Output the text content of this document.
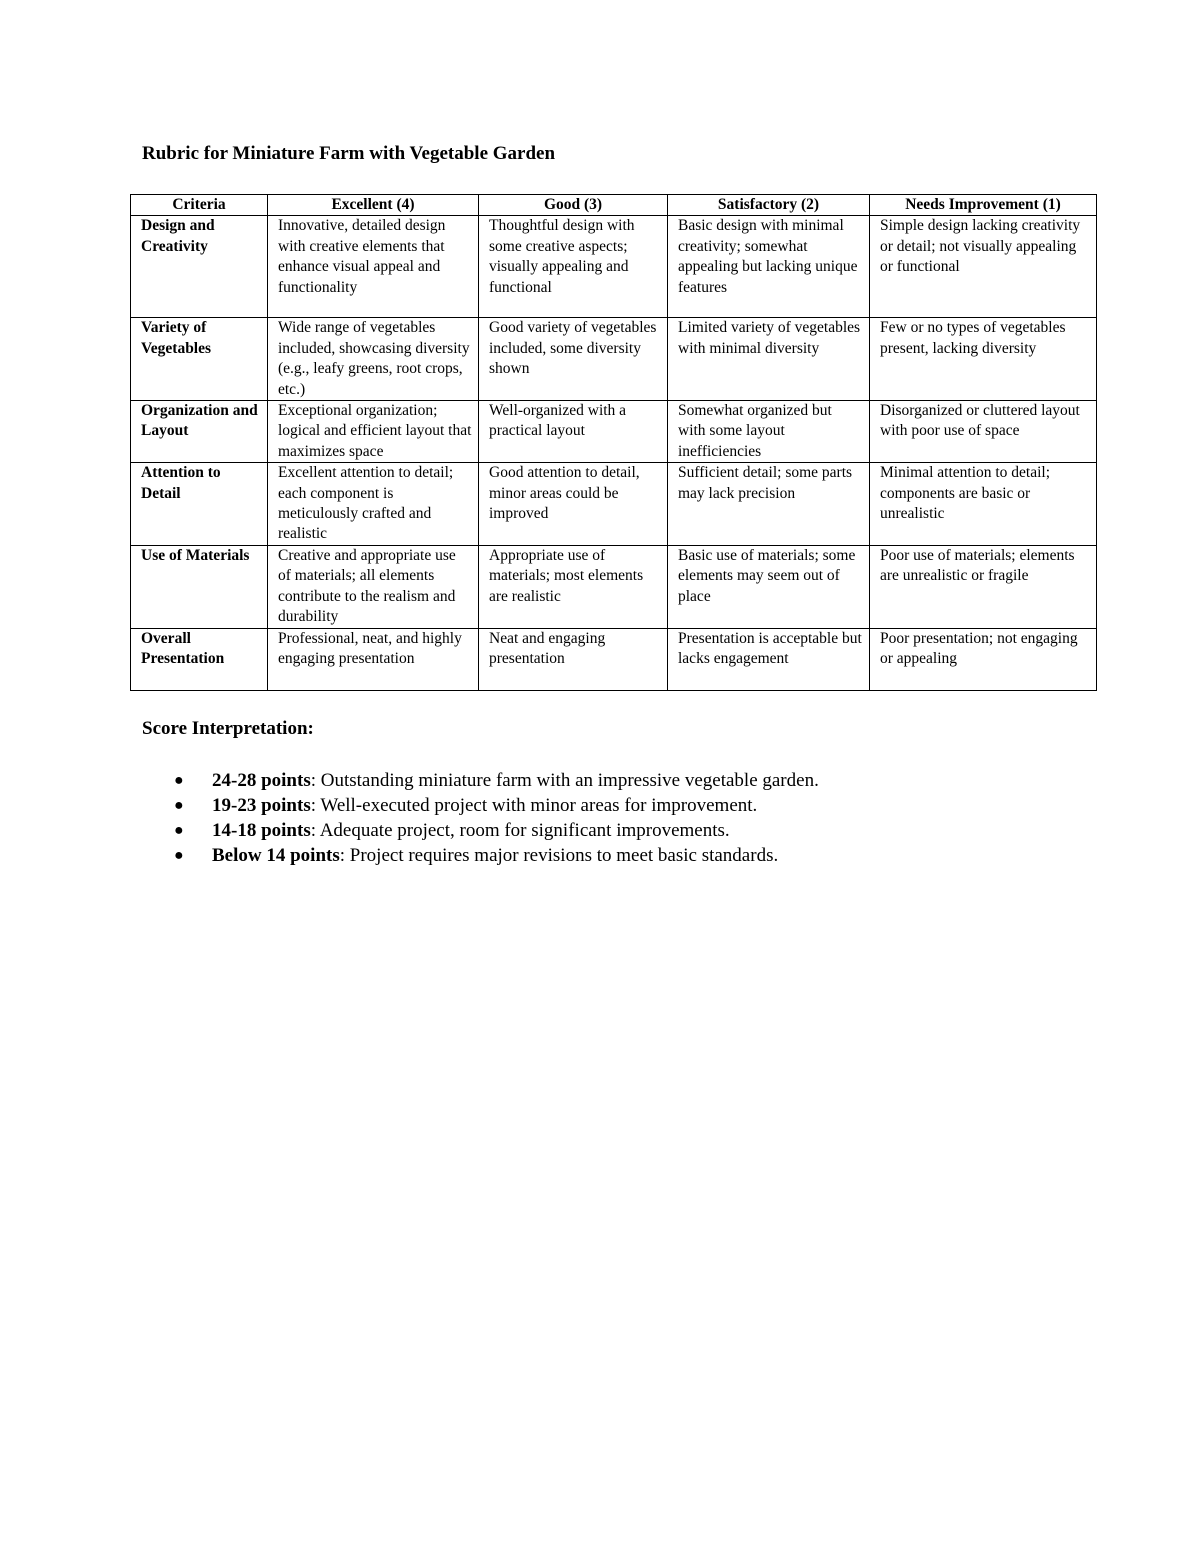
Rubric for Miniature Farm with Vegetable Garden
Criteria	Excellent (4)	Good (3)	Satisfactory (2)	Needs Improvement (1)
Design and Creativity	Innovative, detailed design with creative elements that enhance visual appeal and functionality	Thoughtful design with some creative aspects; visually appealing and functional	Basic design with minimal creativity; somewhat appealing but lacking unique features	Simple design lacking creativity or detail; not visually appealing or functional
Variety of Vegetables	Wide range of vegetables included, showcasing diversity (e.g., leafy greens, root crops, etc.)	Good variety of vegetables included, some diversity shown	Limited variety of vegetables with minimal diversity	Few or no types of vegetables present, lacking diversity
Organization and Layout	Exceptional organization; logical and efficient layout that maximizes space	Well-organized with a practical layout	Somewhat organized but with some layout inefficiencies	Disorganized or cluttered layout with poor use of space
Attention to Detail	Excellent attention to detail; each component is meticulously crafted and realistic	Good attention to detail, minor areas could be improved	Sufficient detail; some parts may lack precision	Minimal attention to detail; components are basic or unrealistic
Use of Materials	Creative and appropriate use of materials; all elements contribute to the realism and durability	Appropriate use of materials; most elements are realistic	Basic use of materials; some elements may seem out of place	Poor use of materials; elements are unrealistic or fragile
Overall Presentation	Professional, neat, and highly engaging presentation	Neat and engaging presentation	Presentation is acceptable but lacks engagement	Poor presentation; not engaging or appealing
Score Interpretation:
● 24-28 points: Outstanding miniature farm with an impressive vegetable garden.
● 19-23 points: Well-executed project with minor areas for improvement.
● 14-18 points: Adequate project, room for significant improvements.
● Below 14 points: Project requires major revisions to meet basic standards.
